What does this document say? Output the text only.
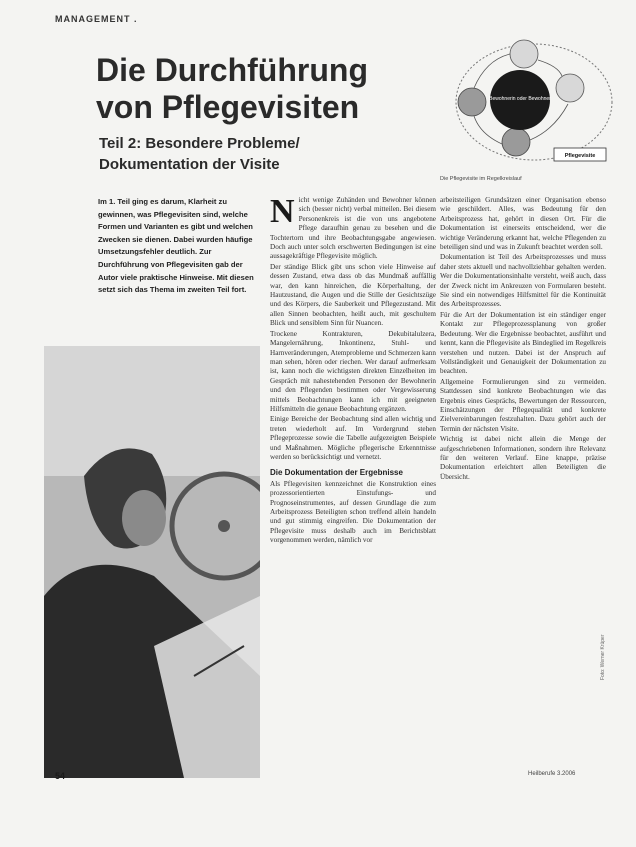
MANAGEMENT .
Die Durchführung
von Pflegevisiten
Teil 2: Besondere Probleme/
Dokumentation der Visite
Bewohnerin oder Bewohner
Pflegevisite
Die Pflegevisite im Regelkreislauf

Im 1. Teil ging es darum, Klarheit zu gewinnen, was Pflegevisiten sind, welche Formen und Varianten es gibt und welchen Zwecken sie dienen. Dabei wurden häufige Umsetzungsfehler deutlich. Zur Durchführung von Pflegevisiten gab der Autor viele praktische Hinweise. Mit diesen setzt sich das Thema im zweiten Teil fort.

Nicht wenige Zuhänden und Bewohner können sich (besser nicht) verbal mitteilen. Bei diesem Personenkreis ist die von uns angebotene Pflege daraufhin genau zu besehen und die Tochtertorn und ihre Beobachtungsgabe angewiesen. Doch auch unter solch erschwerten Bedingungen ist eine aussagekräftige Pflegevisite möglich.

Der ständige Blick gibt uns schon viele Hinweise auf dessen Zustand, etwa dass ob das Mundmaß auffällig war, den kann hinreichen, die Körperhaltung, der Hautzustand, die Augen und die Stille der Gesichtszüge und des Körpers, die Sauberkeit und Pflegezustand. Mit allen Sinnen beobachten, heißt auch, mit geschultem Blick und sensiblem Sinn für Nuancen.

Trockene Kontrakturen, Dekubitalulzera, Mangelernährung, Inkontinenz, Stuhl- und Harnveränderungen, Atemprobleme und Schmerzen kann man sehen, hören oder riechen. Wer darauf aufmerksam ist, kann noch die wichtigsten direkten Einzelheiten im Gespräch mit nahestehenden Personen der Bewohnerin und den Pflegenden bestimmen oder Vergewisserung mittels Beobachtungen kann ich mit geeigneten Hilfsmitteln die genaue Beobachtung ergänzen.

Einige Bereiche der Beobachtung sind allen wichtig und treten wiederholt auf. Im Vordergrund stehen Pflegeprozesse sowie die Tabelle aufgezeigten Beispiele und Maßnahmen. Mögliche pflegerische Erkenntnisse werden so berücksichtigt und vernetzt.

Die Dokumentation der Ergebnisse

Als Pflegevisiten kennzeichnet die Konstruktion eines prozessorientierten Einstufungs- und Prognoseinstrumentes, auf dessen Grundlage die zum Arbeitsprozess Beteiligten schon treffend allein handeln und gut stimmig eingreifen. Die Dokumentation der Pflegevisite muss deshalb auch im Berichtsblatt vorgenommen werden, nämlich vor

arbeitsteiligen Grundsätzen einer Organisation ebenso wie geschildert. Alles, was Bedeutung für den Arbeitsprozess hat, gehört in diesen Ort. Für die Dokumentation ist einerseits entscheidend, wer die wichtige Veränderung erkannt hat, welche Pflegenden zu beteiligen sind und was in Zukunft beachtet werden soll.

Dokumentation ist Teil des Arbeitsprozesses und muss daher stets aktuell und nachvollziehbar gehalten werden. Wer die Dokumentationsinhalte versteht, weiß auch, dass der Zweck nicht im Ankreuzen von Formularen besteht. Sie sind ein notwendiges Hilfsmittel für die Kontinuität des Arbeitsprozesses.

Für die Art der Dokumentation ist ein ständiger enger Kontakt zur Pflegeprozessplanung von großer Bedeutung. Wer die Ergebnisse beobachtet, ausführt und kennt, kann die Pflegevisite als Bindeglied im Regelkreis verstehen und nutzen. Dabei ist der Anspruch auf Vollständigkeit und Genauigkeit der Dokumentation zu beachten.

Allgemeine Formulierungen sind zu vermeiden. Stattdessen sind konkrete Beobachtungen wie das Ergebnis eines Gesprächs, Bewertungen der Ressourcen, Einschätzungen der Pflegequalität und konkrete Zielvereinbarungen festzuhalten. Dazu gehört auch der Termin der nächsten Visite.

Wichtig ist dabei nicht allein die Menge der aufgeschriebenen Informationen, sondern ihre Relevanz für den weiteren Verlauf. Eine knappe, präzise Dokumentation erleichtert allen Beteiligten die Übersicht.

Foto: Werner Krüper
54	Heilberufe 3.2006
